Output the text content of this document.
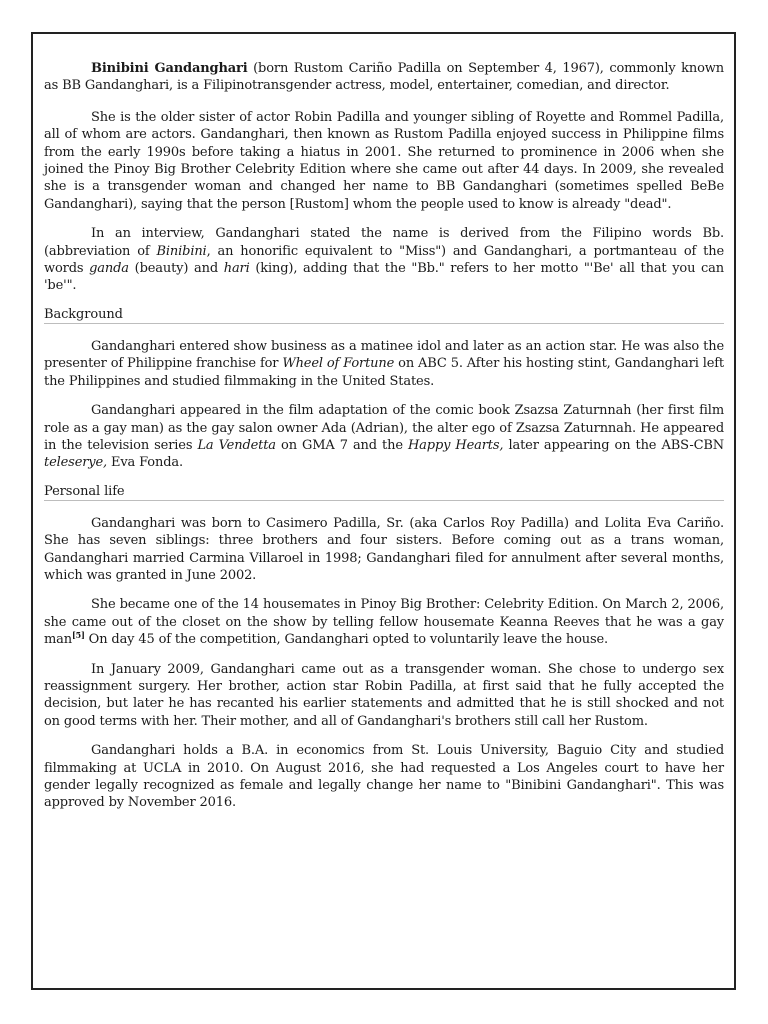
Binibini Gandanghari (born Rustom Cariño Padilla on September 4, 1967), commonly known as BB Gandanghari, is a Filipinotransgender actress, model, entertainer, comedian, and director.

She is the older sister of actor Robin Padilla and younger sibling of Royette and Rommel Padilla, all of whom are actors. Gandanghari, then known as Rustom Padilla enjoyed success in Philippine films from the early 1990s before taking a hiatus in 2001. She returned to prominence in 2006 when she joined the Pinoy Big Brother Celebrity Edition where she came out after 44 days. In 2009, she revealed she is a transgender woman and changed her name to BB Gandanghari (sometimes spelled BeBe Gandanghari), saying that the person [Rustom] whom the people used to know is already "dead".

In an interview, Gandanghari stated the name is derived from the Filipino words Bb. (abbreviation of Binibini, an honorific equivalent to "Miss") and Gandanghari, a portmanteau of the words ganda (beauty) and hari (king), adding that the "Bb." refers to her motto "'Be' all that you can 'be'".

Background

Gandanghari entered show business as a matinee idol and later as an action star. He was also the presenter of Philippine franchise for Wheel of Fortune on ABC 5. After his hosting stint, Gandanghari left the Philippines and studied filmmaking in the United States.

Gandanghari appeared in the film adaptation of the comic book Zsazsa Zaturnnah (her first film role as a gay man) as the gay salon owner Ada (Adrian), the alter ego of Zsazsa Zaturnnah. He appeared in the television series La Vendetta on GMA 7 and the Happy Hearts, later appearing on the ABS-CBN teleserye, Eva Fonda.

Personal life

Gandanghari was born to Casimero Padilla, Sr. (aka Carlos Roy Padilla) and Lolita Eva Cariño. She has seven siblings: three brothers and four sisters. Before coming out as a trans woman, Gandanghari married Carmina Villaroel in 1998; Gandanghari filed for annulment after several months, which was granted in June 2002.

She became one of the 14 housemates in Pinoy Big Brother: Celebrity Edition. On March 2, 2006, she came out of the closet on the show by telling fellow housemate Keanna Reeves that he was a gay man[5] On day 45 of the competition, Gandanghari opted to voluntarily leave the house.

In January 2009, Gandanghari came out as a transgender woman. She chose to undergo sex reassignment surgery. Her brother, action star Robin Padilla, at first said that he fully accepted the decision, but later he has recanted his earlier statements and admitted that he is still shocked and not on good terms with her. Their mother, and all of Gandanghari's brothers still call her Rustom.

Gandanghari holds a B.A. in economics from St. Louis University, Baguio City and studied filmmaking at UCLA in 2010. On August 2016, she had requested a Los Angeles court to have her gender legally recognized as female and legally change her name to "Binibini Gandanghari". This was approved by November 2016.
